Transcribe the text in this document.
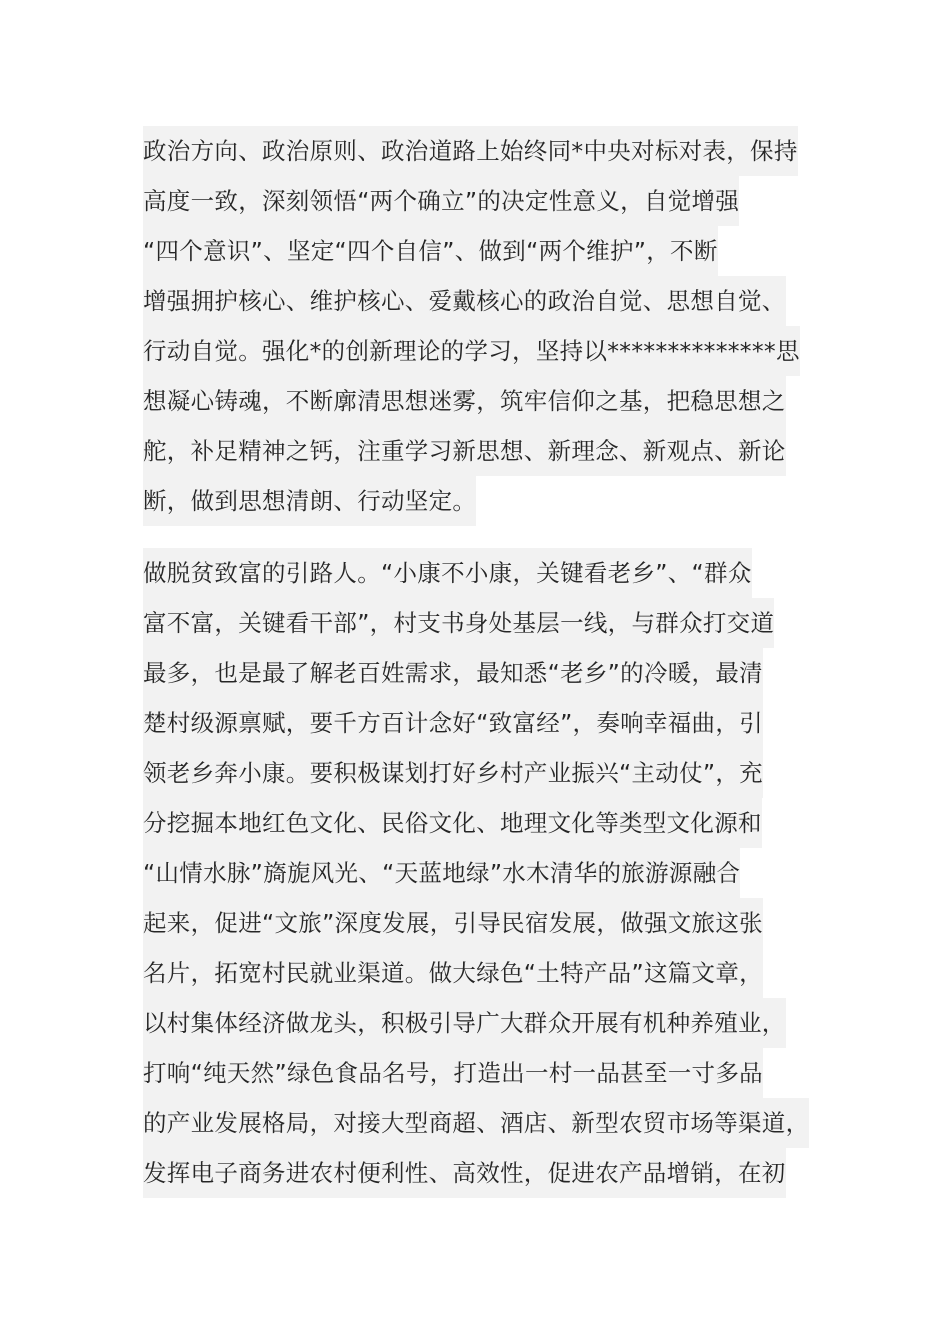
政治方向、政治原则、政治道路上始终同*中央对标对表，保持
高度一致，深刻领悟“两个确立”的决定性意义，自觉增强
“四个意识”、坚定“四个自信”、做到“两个维护”，不断
增强拥护核心、维护核心、爱戴核心的政治自觉、思想自觉、
行动自觉。强化*的创新理论的学习，坚持以**************思
想凝心铸魂，不断廓清思想迷雾，筑牢信仰之基，把稳思想之
舵，补足精神之钙，注重学习新思想、新理念、新观点、新论
断，做到思想清朗、行动坚定。
做脱贫致富的引路人。“小康不小康，关键看老乡”、“群众
富不富，关键看干部”，村支书身处基层一线，与群众打交道
最多，也是最了解老百姓需求，最知悉“老乡”的冷暖，最清
楚村级源禀赋，要千方百计念好“致富经”，奏响幸福曲，引
领老乡奔小康。要积极谋划打好乡村产业振兴“主动仗”，充
分挖掘本地红色文化、民俗文化、地理文化等类型文化源和
“山情水脉”旖旎风光、“天蓝地绿”水木清华的旅游源融合
起来，促进“文旅”深度发展，引导民宿发展，做强文旅这张
名片，拓宽村民就业渠道。做大绿色“土特产品”这篇文章，
以村集体经济做龙头，积极引导广大群众开展有机种养殖业，
打响“纯天然”绿色食品名号，打造出一村一品甚至一寸多品
的产业发展格局，对接大型商超、酒店、新型农贸市场等渠道，
发挥电子商务进农村便利性、高效性，促进农产品增销，在初
